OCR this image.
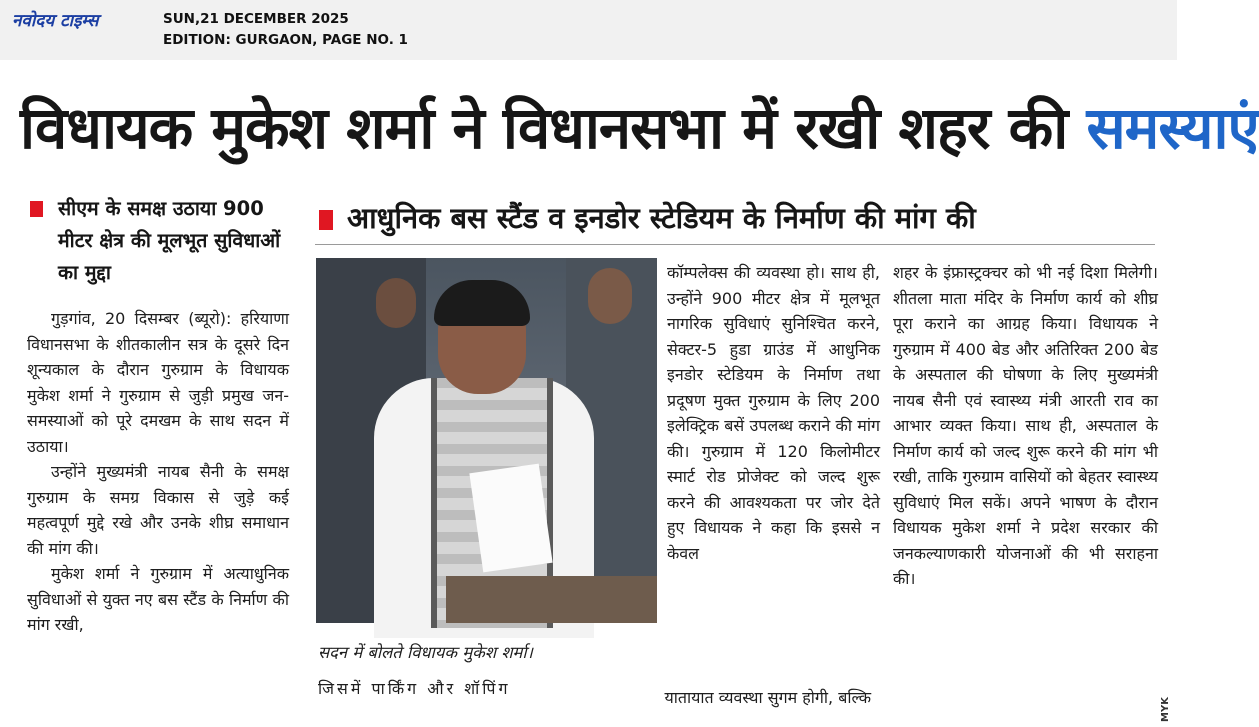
नवोदय टाइम्स	SUN,21 DECEMBER 2025
EDITION: GURGAON, PAGE NO. 1
विधायक मुकेश शर्मा ने विधानसभा में रखी शहर की समस्याएं
सीएम के समक्ष उठाया 900 मीटर क्षेत्र की मूलभूत सुविधाओं का मुद्दा
आधुनिक बस स्टैंड व इनडोर स्टेडियम के निर्माण की मांग की

गुड़गांव, 20 दिसम्बर (ब्यूरो): हरियाणा विधानसभा के शीतकालीन सत्र के दूसरे दिन शून्यकाल के दौरान गुरुग्राम के विधायक मुकेश शर्मा ने गुरुग्राम से जुड़ी प्रमुख जन-समस्याओं को पूरे दमखम के साथ सदन में उठाया।

उन्होंने मुख्यमंत्री नायब सैनी के समक्ष गुरुग्राम के समग्र विकास से जुड़े कई महत्वपूर्ण मुद्दे रखे और उनके शीघ्र समाधान की मांग की।

मुकेश शर्मा ने गुरुग्राम में अत्याधुनिक सुविधाओं से युक्त नए बस स्टैंड के निर्माण की मांग रखी,

सदन में बोलते विधायक मुकेश शर्मा।
जिसमें पार्किंग और शॉपिंग

कॉम्पलेक्स की व्यवस्था हो। साथ ही, उन्होंने 900 मीटर क्षेत्र में मूलभूत नागरिक सुविधाएं सुनिश्चित करने, सेक्टर-5 हुडा ग्राउंड में आधुनिक इनडोर स्टेडियम के निर्माण तथा प्रदूषण मुक्त गुरुग्राम के लिए 200 इलेक्ट्रिक बसें उपलब्ध कराने की मांग की। गुरुग्राम में 120 किलोमीटर स्मार्ट रोड प्रोजेक्ट को जल्द शुरू करने की आवश्यकता पर जोर देते हुए विधायक ने कहा कि इससे न केवल

यातायात व्यवस्था सुगम होगी, बल्कि

शहर के इंफ्रास्ट्रक्चर को भी नई दिशा मिलेगी। शीतला माता मंदिर के निर्माण कार्य को शीघ्र पूरा कराने का आग्रह किया। विधायक ने गुरुग्राम में 400 बेड और अतिरिक्त 200 बेड के अस्पताल की घोषणा के लिए मुख्यमंत्री नायब सैनी एवं स्वास्थ्य मंत्री आरती राव का आभार व्यक्त किया। साथ ही, अस्पताल के निर्माण कार्य को जल्द शुरू करने की मांग भी रखी, ताकि गुरुग्राम वासियों को बेहतर स्वास्थ्य सुविधाएं मिल सकें। अपने भाषण के दौरान विधायक मुकेश शर्मा ने प्रदेश सरकार की जनकल्याणकारी योजनाओं की भी सराहना की।

MYK
